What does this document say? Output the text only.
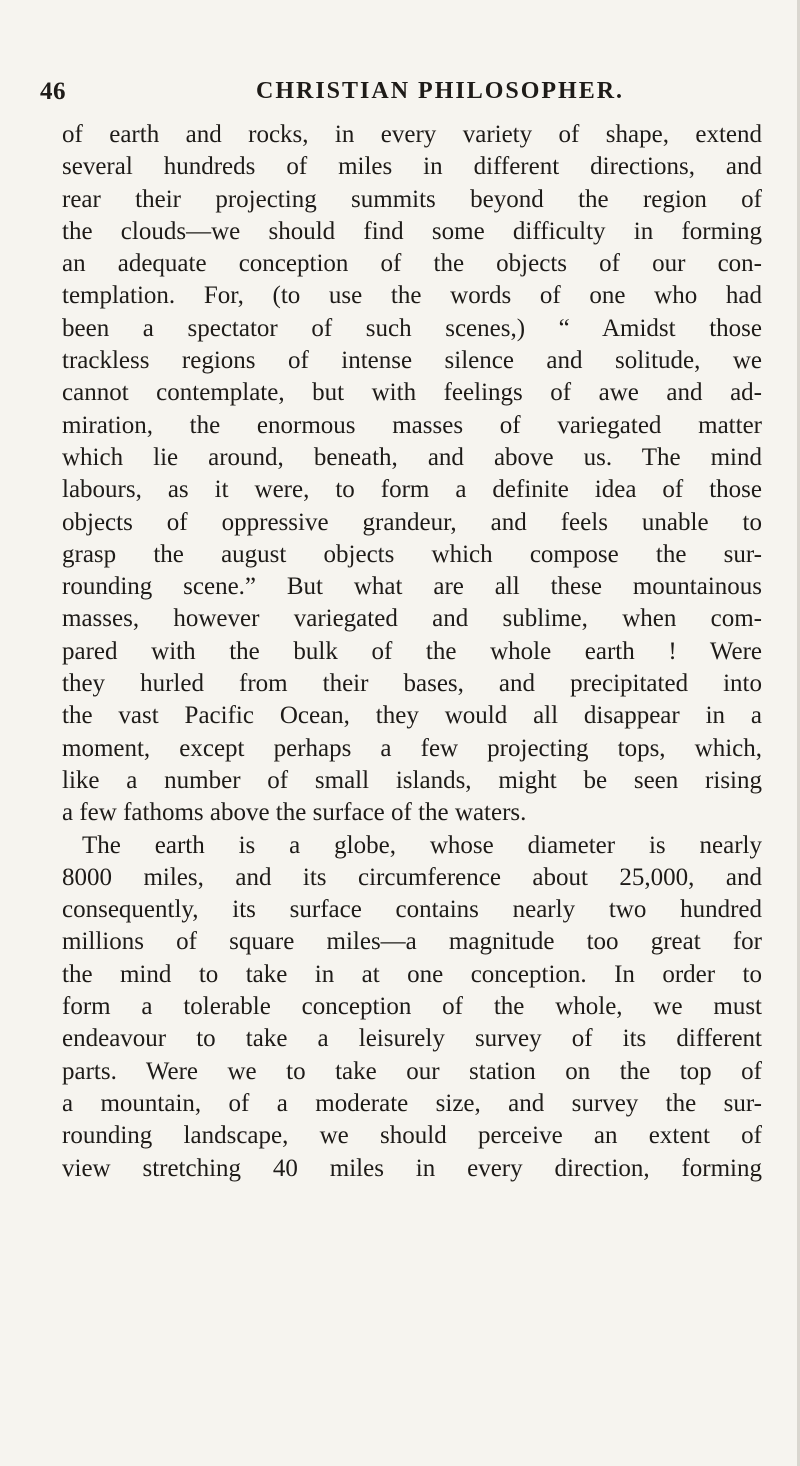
46	CHRISTIAN PHILOSOPHER.
of earth and rocks, in every variety of shape, extend
several hundreds of miles in different directions, and
rear their projecting summits beyond the region of
the clouds—we should find some difficulty in forming
an adequate conception of the objects of our con-
templation. For, (to use the words of one who had
been a spectator of such scenes,) “ Amidst those
trackless regions of intense silence and solitude, we
cannot contemplate, but with feelings of awe and ad-
miration, the enormous masses of variegated matter
which lie around, beneath, and above us. The mind
labours, as it were, to form a definite idea of those
objects of oppressive grandeur, and feels unable to
grasp the august objects which compose the sur-
rounding scene.” But what are all these mountainous
masses, however variegated and sublime, when com-
pared with the bulk of the whole earth ! Were
they hurled from their bases, and precipitated into
the vast Pacific Ocean, they would all disappear in a
moment, except perhaps a few projecting tops, which,
like a number of small islands, might be seen rising
a few fathoms above the surface of the waters.
The earth is a globe, whose diameter is nearly
8000 miles, and its circumference about 25,000, and
consequently, its surface contains nearly two hundred
millions of square miles—a magnitude too great for
the mind to take in at one conception. In order to
form a tolerable conception of the whole, we must
endeavour to take a leisurely survey of its different
parts. Were we to take our station on the top of
a mountain, of a moderate size, and survey the sur-
rounding landscape, we should perceive an extent of
view stretching 40 miles in every direction, forming
